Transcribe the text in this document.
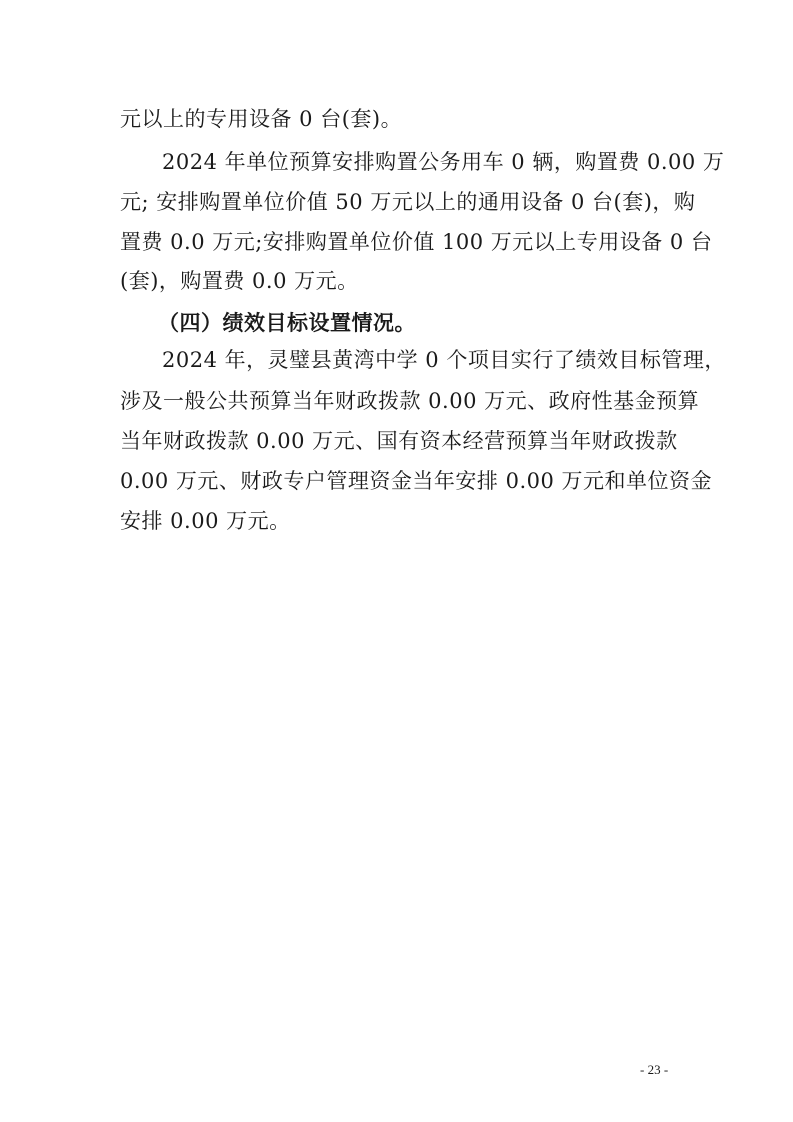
元以上的专用设备 0 台(套)。
2024 年单位预算安排购置公务用车 0 辆，购置费 0.00 万
元; 安排购置单位价值 50 万元以上的通用设备 0 台(套)，购
置费 0.0 万元;安排购置单位价值 100 万元以上专用设备 0 台
(套)，购置费 0.0 万元。
（四）绩效目标设置情况。
2024 年，灵璧县黄湾中学 0 个项目实行了绩效目标管理，
涉及一般公共预算当年财政拨款 0.00 万元、政府性基金预算
当年财政拨款 0.00 万元、国有资本经营预算当年财政拨款
0.00 万元、财政专户管理资金当年安排 0.00 万元和单位资金
安排 0.00 万元。
- 23 -
